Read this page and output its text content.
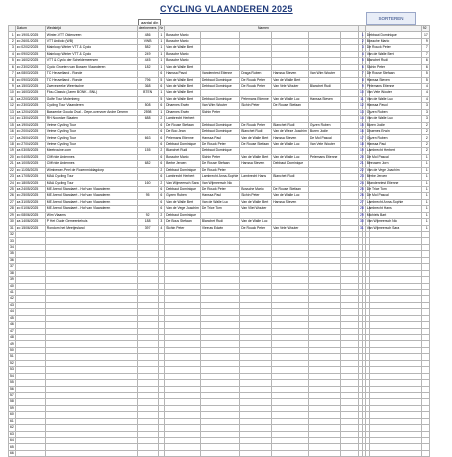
CYCLING VLAANDEREN 2025
SORTEREN
aantal dln
	Datum	Wedstrijd	deelnemers	Nr	Namen	
1	zo 19/01/2025	Winter-VTT Oldenzeen	486	1	Bossche Mario						
2	zo 26/01/2025	VTT Ardiolo (WB)	VWB	1	Bossche Mario						
3	zo 02/02/2025	Mainloop Winter VTT & Cyclo	582	1	Van de Walle Bert						
4	zo 09/02/2025	Mainloop Winter VTT & Cyclo	249	1	Bossche Mario						
5	zo 16/02/2025	VTT & Cyclo der Scheldemeersen	445	1	Bossche Mario						
6	zo 23/02/2025	Cyclo Groeten van Bossen Vlaanderen	182	1	Van de Walle Bert						
7	za 08/03/2025	TC Heuvelland - Ronde		6	Hanssa Pavol	Vandenriest Etienne	Draga Ruben	Hanssa Steven	Van Wim Wouter		
8	zo 09/03/2025	TC Heuvelland - Ronde	796	5	Van de Walle Bert	Debbaut Dominique	De Rouck Peter	Van de Walle Bert			
9	za 15/03/2025	Zwevezeeke Weertsolne	368	6	Van de Walle Bert	Debbaut Dominique	De Rouck Peter	Van Vele Wouter	Blanchet Rudi		
10	zo 16/03/2025	Flou-Classic (Jaren BONK - BNL)	BTEN	1	Van de Walle Bert						
11	za 22/03/2025	Golfe Tour Molenberg		5	Van de Walle Bert	Debbaut Dominique	Pelemans Etienne	Van de Walle Luc	Hanssa Steven		
12	zo 23/03/2025	Cycling Tour Vlaanderen	508	6	Dhaenes Erwin	Van Wim Wouter	Sichin Peter	De Rouse Stefaan			
13	za 12/04/2025	Bassenke Gouda Oval - Oepe-overvoer Andre Dmmm	2598	1	Dhaenes Erwin	Sichin Peter					
14	zo 13/04/2025	RH Noordze Slaaten	688	2	Lambrecht Herbert						
15	za 19/04/2025	Vetme Cycling Tour		6	De Rouse Stefaan	Debbaut Dominique	De Rouck Peter	Blanchet Rudi	Gyzen Ruben		
16	zo 20/04/2025	Vetme Cycling Tour		6	De Boo Jean	Debbaut Dominique	Blanchet Rudi	Van de Weze Joachim	Buren Jodie		
17	za 26/04/2025	Vetme Cycling Tour	663	6	Pelemans Etienne	Hanssa Paul	Van de Walle Bert	Hanssa Steven	De Mol Pascal		
18	zo 27/04/2025	Vetme Cycling Tour		6	Debbaut Dominique	De Rouck Peter	De Rouse Stefaan	Van de Walle Luc	Van Vele Wouter		
19	za 03/05/2025	Meetrouine.com	155	2	Blanchet Rudi	Debbaut Dominique					
20	zo 04/05/2025	Cliff ride Ardennes		6	Bossche Mario	Sichin Peter	Van de Walle Bert	Van de Walle Luc	Pelemans Etienne		
21	za 10/05/2025	Cliff ride Ardennes	682	6	Berbe Jeroen	De Rouse Stefaan	Hanssa Steven	Debbaut Dominique			
22	zo 11/05/2025	Wimbewer-Peel de Rozenmiddagdorp		2	Debbaut Dominique	De Rouck Peter					
23	za 17/05/2025	MAA Cycling Tour		6	Lambrecht Herbert	Lambrecht Anna-Sophie	Lambrecht Hans	Blanchet Rudi			
24	zo 18/05/2025	MAA Cycling Tour	160	2	Van Wijmeersch Sara	Van Wijmeersch Nic					
25	za 24/05/2025	ME Arend Standaert - Hof van Vlaanderen		6	Debbaut Dominique	De Rouck Peter	Bossche Mario	De Rouse Stefaan			
26	zo 25/05/2025	ME Arend Standaert - Hof van Vlaanderen	95	6	Gyzen Ruben	Hanssa Paul	Sichin Peter	Van de Walle Luc			
27	za 31/05/2025	ME Arend Standaert - Hof van Vlaanderen		6	Van de Walle Bert	Van de Walle Luc	Van de Walle Bert	Hanssa Steven			
28	zo 01/06/2025	ME Arend Standaert - Hof van Vlaanderen		6	Van de Vege Joachim	De Trice Tom	Van Vliet Wouter				
29	zo 08/06/2025	Wim Vlaams	92	2	Debbaut Dominique						
30	za 14/06/2025	P Het Oude Gemeentehuis	188	3	De Bous Stefaan	Blanchet Rudi	Van de Walle Luc				
31	zo 15/06/2025	Rondom het Meetjesland	397	4	Sichin Peter	Vleeuw Edwin	De Rouck Peter	Van Vele Wouter			
32											
33											
34											
35											
36											
37											
38											
39											
40											
41											
42											
43											
44											
45											
46											
47											
48											
49											
50											
51											
52											
53											
54											
55											
56											
57											
58											
59											
60											
61											
62											
63											
64											
65											
66											
		92
1	Debbaut Dominique	17
2	Bossche Mario	9
3	De Rouck Peter	7
4	Van de Walle Bert	7
5	Blanchet Rudi	6
6	Sichin Peter	6
7	De Rouse Stefaan	5
8	Hanssa Steven	5
9	Pelemans Etienne	4
10	Van Vele Wouter	4
11	Van de Walle Luc	4
12	Hanssa Pavol	3
13	Gyzen Ruben	3
14	Van de Walle Luc	3
15	Buren Jodie	2
16	Dhaenes Erwin	2
17	Gyzen Ruben	2
18	Hanssa Paul	2
19	Lambrecht Herbert	2
20	De Mol Pascal	1
21	Beeuwen Jorn	1
22	Van de Vege Joachim	1
23	Berbe Jeroen	1
24	Brandenriest Etienne	1
25	De Trice Tom	1
26	De Mol Pascal	1
27	Lambrecht Anna-Sophie	1
28	Lambrecht Hans	1
29	Michiels Bart	1
30	Van Wijmeersch Nic	1
31	Van Wijmeersch Sara	1
